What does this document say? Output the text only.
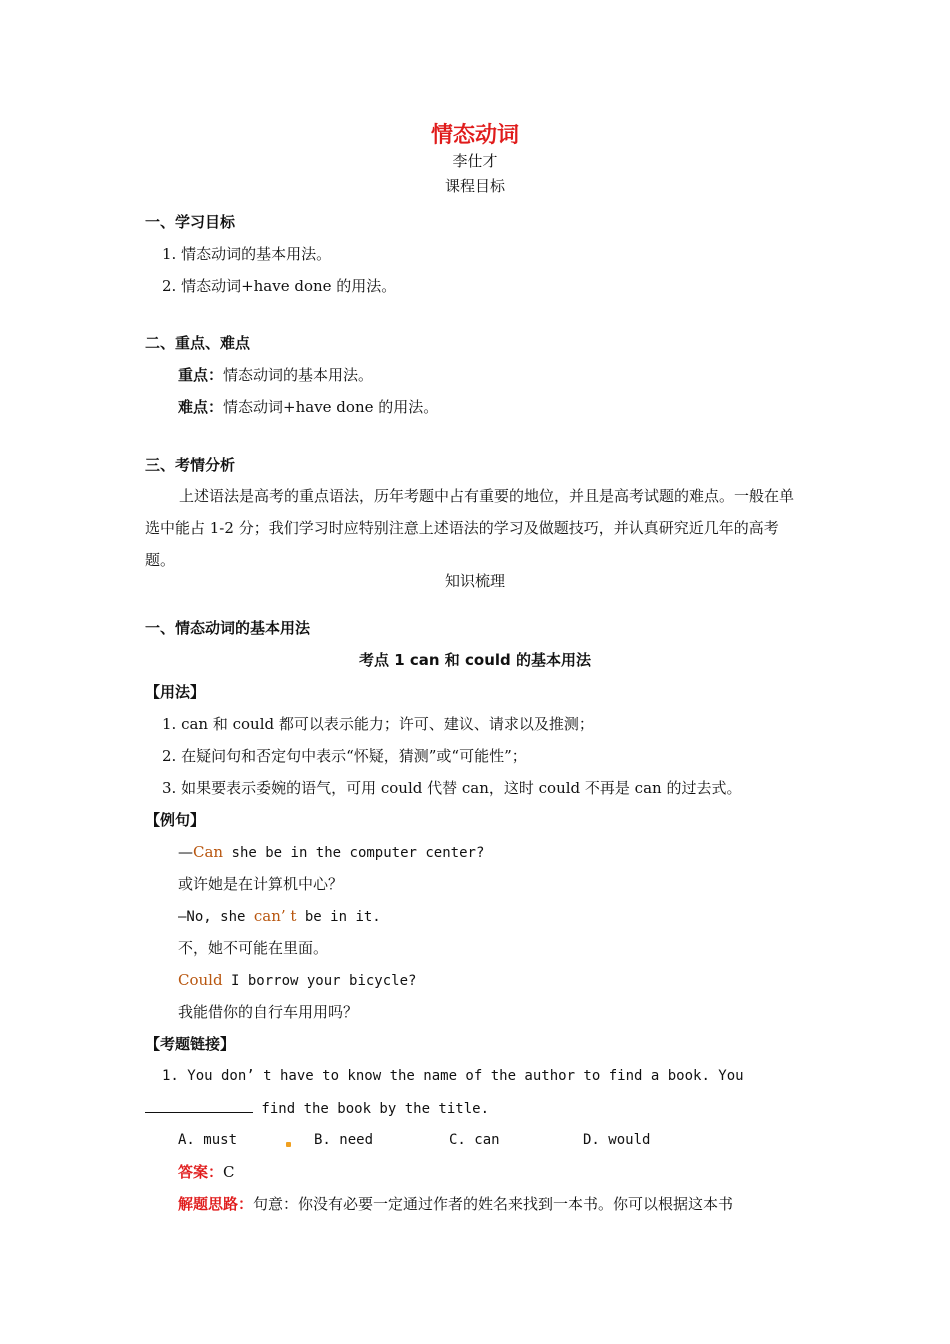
情态动词
李仕才
课程目标
一、学习目标
1. 情态动词的基本用法。
2. 情态动词+have done 的用法。
二、重点、难点
重点：情态动词的基本用法。
难点：情态动词+have done 的用法。
三、考情分析
上述语法是高考的重点语法，历年考题中占有重要的地位，并且是高考试题的难点。一般在单选中能占 1-2 分；我们学习时应特别注意上述语法的学习及做题技巧，并认真研究近几年的高考题。
知识梳理
一、情态动词的基本用法
考点 1 can 和 could 的基本用法
【用法】
1. can 和 could 都可以表示能力；许可、建议、请求以及推测；
2. 在疑问句和否定句中表示“怀疑，猜测”或“可能性”；
3. 如果要表示委婉的语气，可用 could 代替 can，这时 could 不再是 can 的过去式。
【例句】
—Can she be in the computer center?
或许她是在计算机中心？
—No, she can’ t be in it.
不，她不可能在里面。
Could I borrow your bicycle?
我能借你的自行车用用吗？
【考题链接】
1. You don’ t have to know the name of the author to find a book. You
find the book by the title.
A. must	B. need	C. can	D. would
答案：C
解题思路：句意：你没有必要一定通过作者的姓名来找到一本书。你可以根据这本书
